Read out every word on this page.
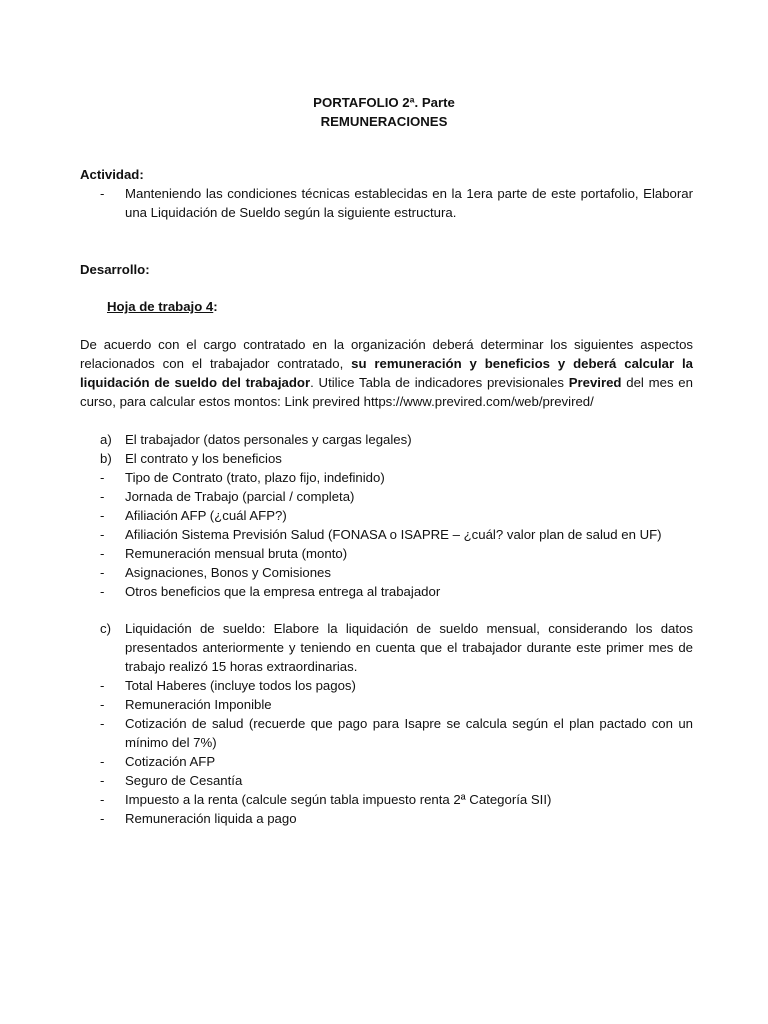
PORTAFOLIO 2ª. Parte
REMUNERACIONES
Actividad:
- Manteniendo las condiciones técnicas establecidas en la 1era parte de este portafolio, Elaborar una Liquidación de Sueldo según la siguiente estructura.
Desarrollo:
Hoja de trabajo 4:

De acuerdo con el cargo contratado en la organización deberá determinar los siguientes aspectos relacionados con el trabajador contratado, su remuneración y beneficios y deberá calcular la liquidación de sueldo del trabajador. Utilice Tabla de indicadores previsionales Previred del mes en curso, para calcular estos montos: Link previred https://www.previred.com/web/previred/

a) El trabajador (datos personales y cargas legales)
b) El contrato y los beneficios
- Tipo de Contrato (trato, plazo fijo, indefinido)
- Jornada de Trabajo (parcial / completa)
- Afiliación AFP (¿cuál AFP?)
- Afiliación Sistema Previsión Salud (FONASA o ISAPRE – ¿cuál? valor plan de salud en UF)
- Remuneración mensual bruta (monto)
- Asignaciones, Bonos y Comisiones
- Otros beneficios que la empresa entrega al trabajador
c) Liquidación de sueldo: Elabore la liquidación de sueldo mensual, considerando los datos presentados anteriormente y teniendo en cuenta que el trabajador durante este primer mes de trabajo realizó 15 horas extraordinarias.
- Total Haberes (incluye todos los pagos)
- Remuneración Imponible
- Cotización de salud (recuerde que pago para Isapre se calcula según el plan pactado con un mínimo del 7%)
- Cotización AFP
- Seguro de Cesantía
- Impuesto a la renta (calcule según tabla impuesto renta 2ª Categoría SII)
- Remuneración liquida a pago
